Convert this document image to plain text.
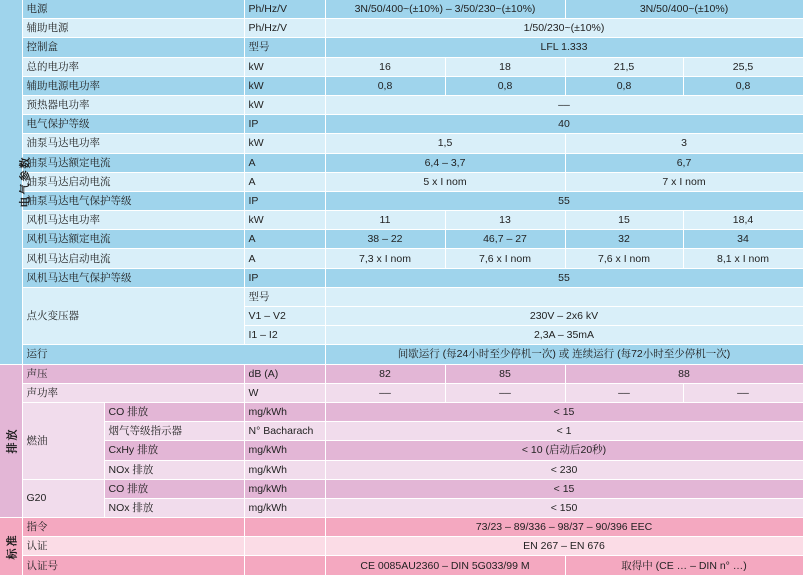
电气参数	电源		Ph/Hz/V	3N/50/400~(±10%) – 3/50/230~(±10%)		3N/50/400~(±10%)	
	辅助电源		Ph/Hz/V	1/50/230~(±10%)			
	控制盒		型号	LFL 1.333			
	总的电功率		kW	16	18	21,5	25,5
	辅助电源电功率		kW	0,8	0,8	0,8	0,8
	预热器电功率		kW	––			
	电气保护等级		IP	40			
	油泵马达电功率		kW	1,5		3	
	油泵马达额定电流		A	6,4 – 3,7		6,7	
	油泵马达启动电流		A	5 x I nom		7 x I nom	
	油泵马达电气保护等级		IP	55			
	风机马达电功率		kW	11	13	15	18,4
	风机马达额定电流		A	38 – 22	46,7 – 27	32	34
	风机马达启动电流		A	7,3 x I nom	7,6 x I nom	7,6 x I nom	8,1 x I nom
	风机马达电气保护等级		IP	55			
	点火变压器		型号				
			V1 – V2	230V – 2x6 kV			
			I1 – I2	2,3A – 35mA			
	运行			间歇运行 (每24小时至少停机一次) 或 连续运行 (每72小时至少停机一次)			
排放	声压		dB (A)	82	85	88	
	声功率		W	––	––	––	––
	燃油	CO 排放	mg/kWh	< 15			
		烟气等级指示器	N° Bacharach	< 1			
		CxHy 排放	mg/kWh	< 10 (启动后20秒)			
		NOx 排放	mg/kWh	< 230			
	G20	CO 排放	mg/kWh	< 15			
		NOx 排放	mg/kWh	< 150			
标准	指令			73/23 – 89/336 – 98/37 – 90/396 EEC			
	认证			EN 267 – EN 676			
	认证号			CE 0085AU2360 – DIN 5G033/99 M		取得中 (CE … – DIN n° …)	
